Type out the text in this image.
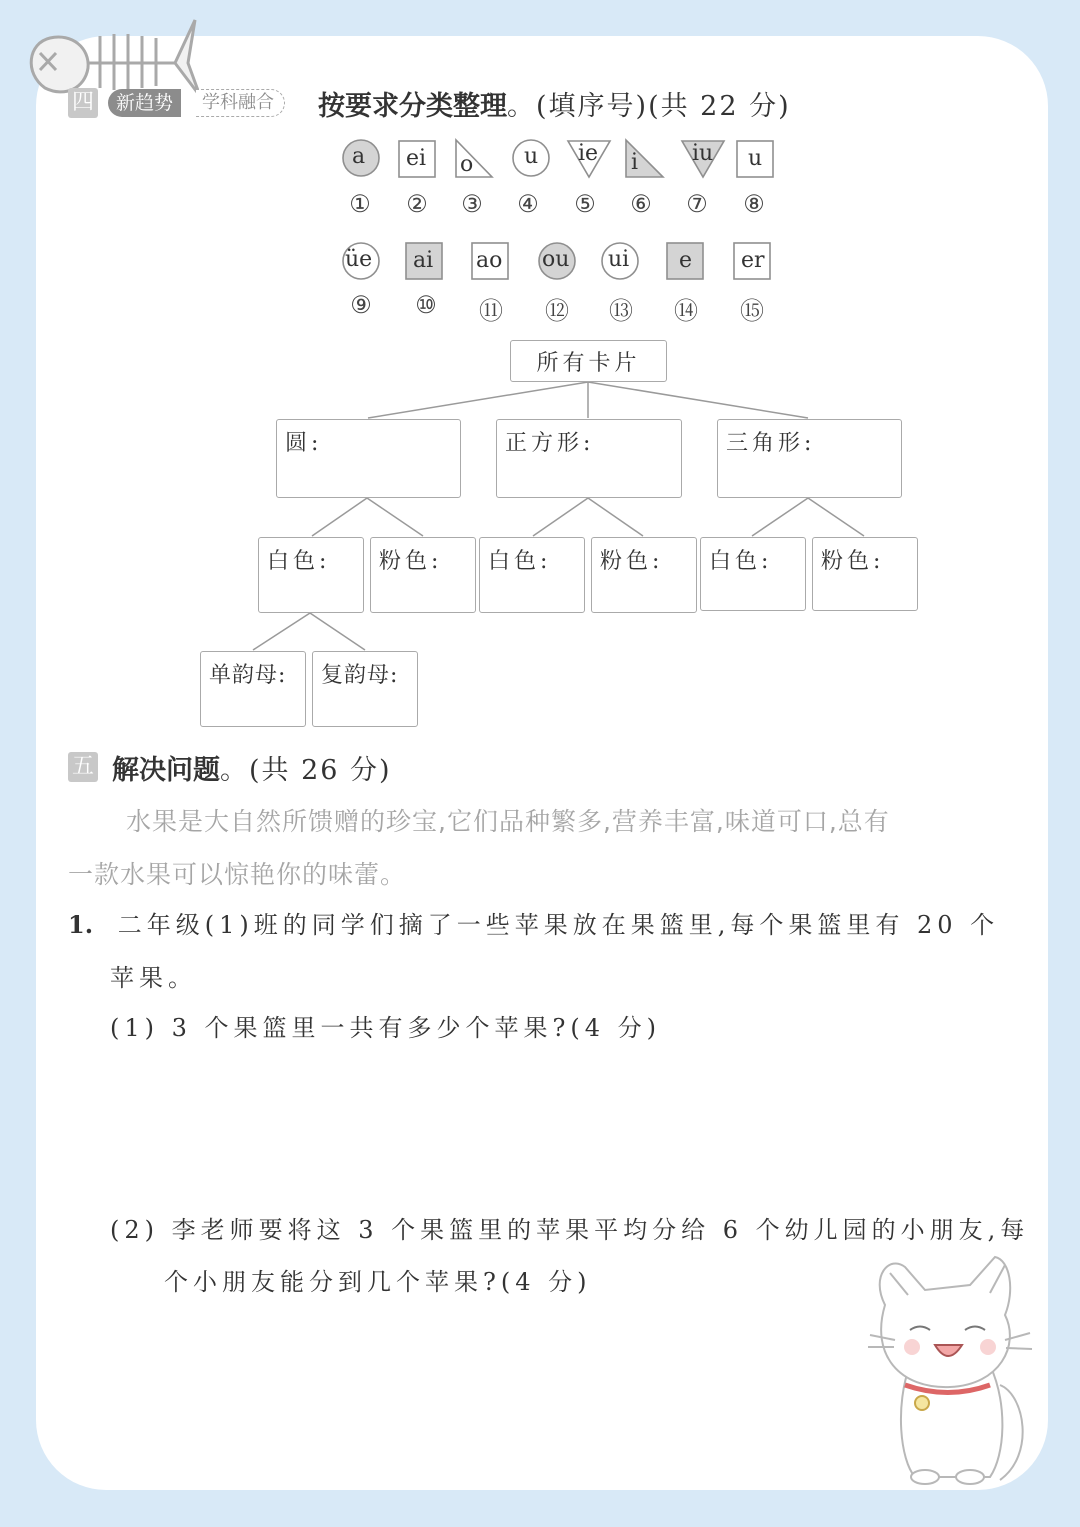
四	新趋势	学科融合	按要求分类整理。(填序号)(共 22 分)
a ei o u ie i iu u
üe ai ao ou ui e er
①	②	③	④	⑤	⑥	⑦	⑧
⑨	⑩	⑪	⑫	⑬	⑭	⑮
所有卡片
圆:	正方形:	三角形:
白色:	粉色:	白色:	粉色:	白色:	粉色:
单韵母:	复韵母:
五 解决问题。(共 26 分)
水果是大自然所馈赠的珍宝,它们品种繁多,营养丰富,味道可口,总有
一款水果可以惊艳你的味蕾。
1. 二年级(1)班的同学们摘了一些苹果放在果篮里,每个果篮里有 20 个
苹果。
(1) 3 个果篮里一共有多少个苹果?(4 分)
(2) 李老师要将这 3 个果篮里的苹果平均分给 6 个幼儿园的小朋友,每
个小朋友能分到几个苹果?(4 分)
